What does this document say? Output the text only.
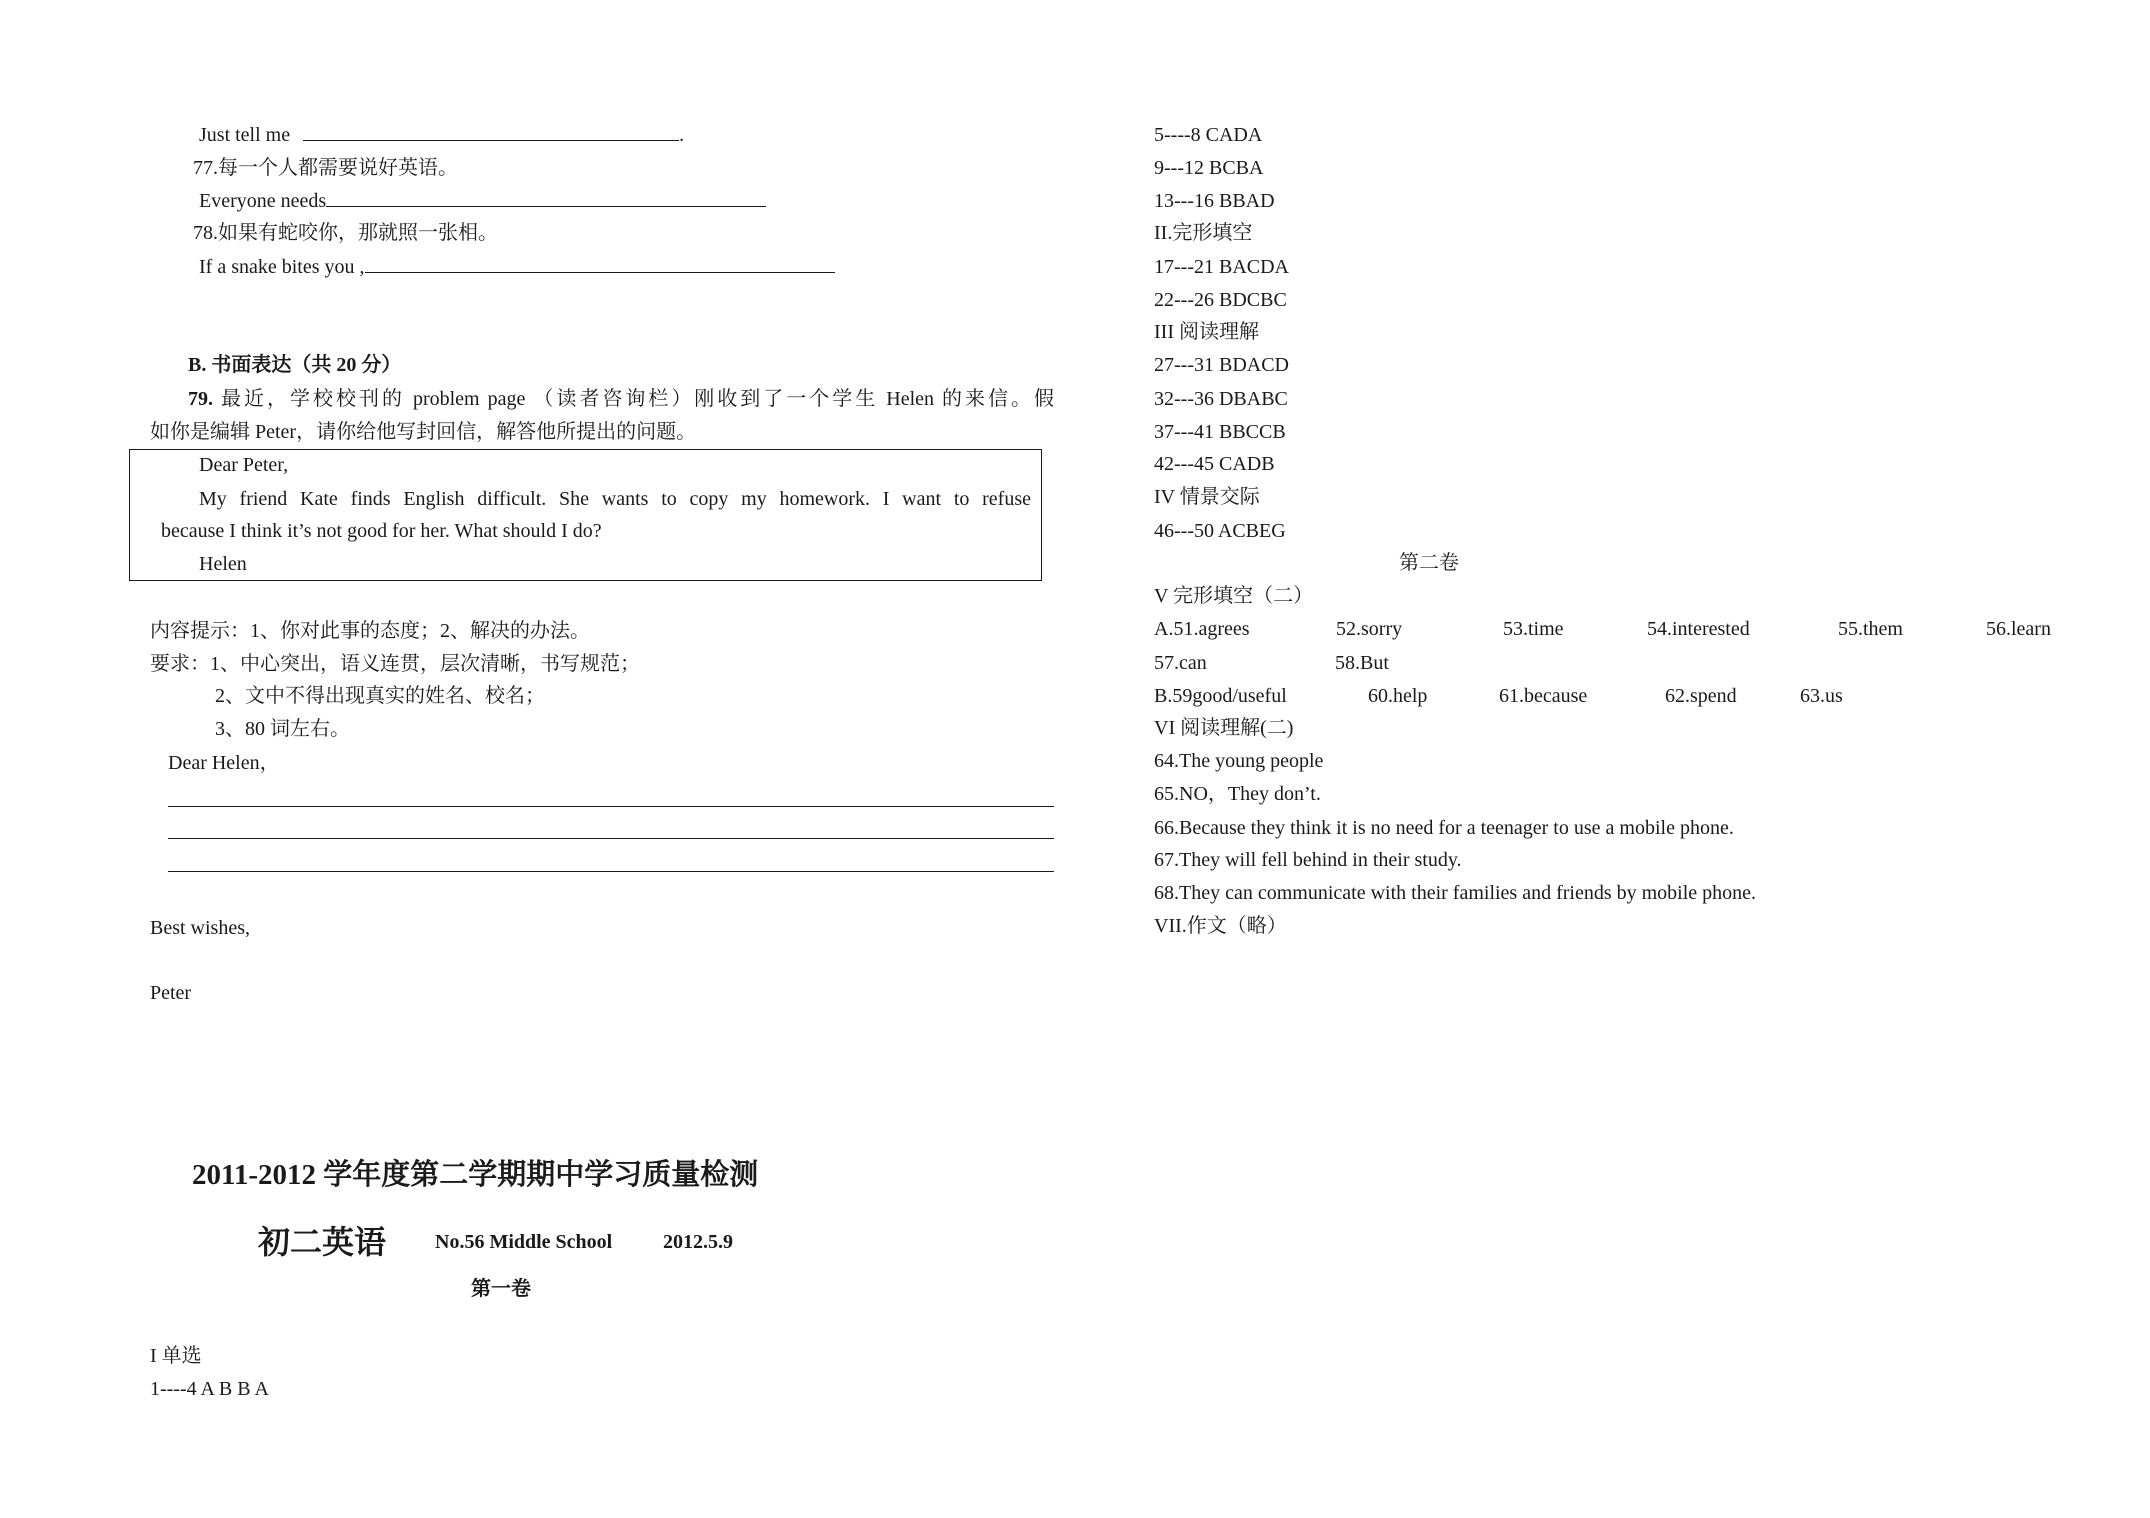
Just tell me	.
77.每一个人都需要说好英语。
Everyone needs
78.如果有蛇咬你，那就照一张相。
If a snake bites you ,
B. 书面表达（共 20 分）
79. 最近，学校校刊的 problem page （读者咨询栏）刚收到了一个学生 Helen 的来信。假
如你是编辑 Peter，请你给他写封回信，解答他所提出的问题。
Dear Peter,
My friend Kate finds English difficult. She wants to copy my homework. I want to refuse
because I think it’s not good for her. What should I do?
Helen
内容提示：1、你对此事的态度；2、解决的办法。
要求：1、中心突出，语义连贯，层次清晰，书写规范；
2、文中不得出现真实的姓名、校名；
3、80 词左右。
Dear Helen，
Best wishes,
Peter
2011-2012 学年度第二学期期中学习质量检测
初二英语 No.56 Middle School	2012.5.9
第一卷
I 单选
1----4 A B B A
5----8 CADA
9---12 BCBA
13---16 BBAD
II.完形填空
17---21 BACDA
22---26 BDCBC
III 阅读理解
27---31 BDACD
32---36 DBABC
37---41 BBCCB
42---45 CADB
IV 情景交际
46---50 ACBEG
第二卷
V 完形填空（二）
A.51.agrees	52.sorry	53.time	54.interested	55.them	56.learn
57.can	58.But
B.59good/useful	60.help	61.because	62.spend	63.us
VI 阅读理解(二)
64.The young people
65.NO，They don’t.
66.Because they think it is no need for a teenager to use a mobile phone.
67.They will fell behind in their study.
68.They can communicate with their families and friends by mobile phone.
VII.作文（略）
